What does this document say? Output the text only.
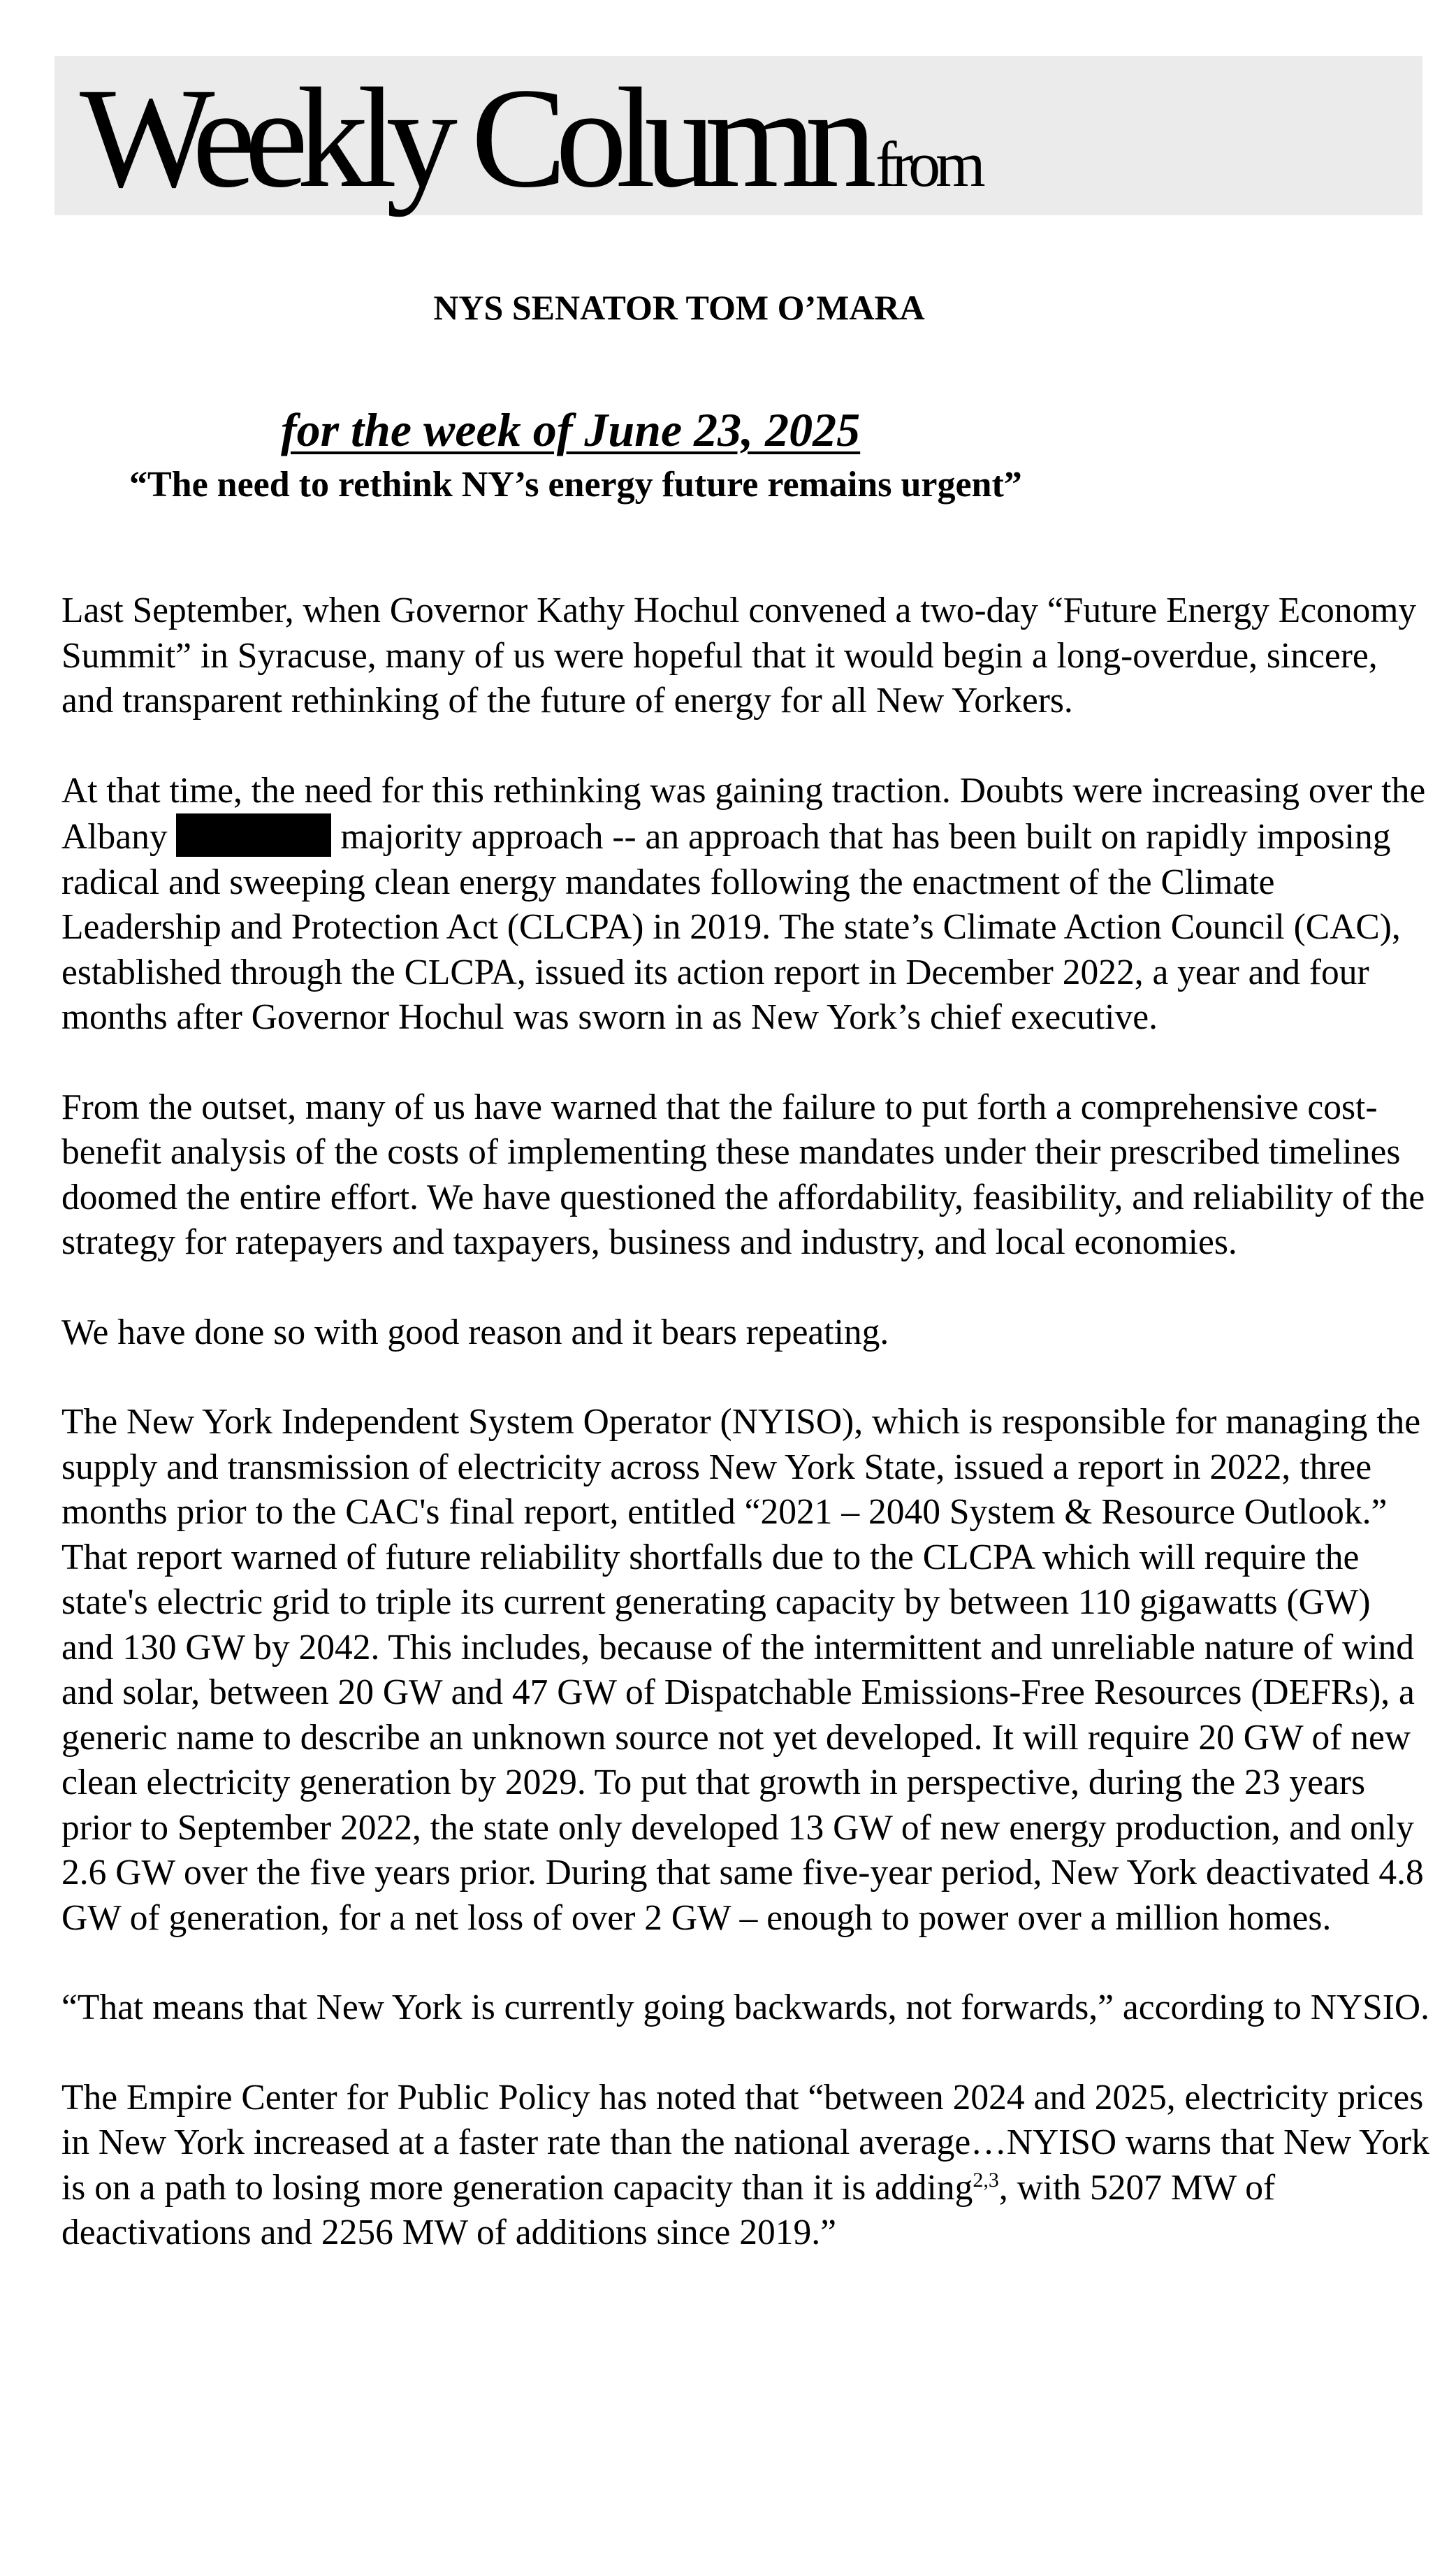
Weekly Column from
NYS SENATOR TOM O’MARA
for the week of June 23, 2025
“The need to rethink NY’s energy future remains urgent”

Last September, when Governor Kathy Hochul convened a two-day “Future Energy Economy Summit” in Syracuse, many of us were hopeful that it would begin a long-overdue, sincere, and transparent rethinking of the future of energy for all New Yorkers.

At that time, the need for this rethinking was gaining traction. Doubts were increasing over the Albany	majority approach -- an approach that has been built on rapidly imposing radical and sweeping clean energy mandates following the enactment of the Climate Leadership and Protection Act (CLCPA) in 2019. The state’s Climate Action Council (CAC), established through the CLCPA, issued its action report in December 2022, a year and four months after Governor Hochul was sworn in as New York’s chief executive.

From the outset, many of us have warned that the failure to put forth a comprehensive cost-benefit analysis of the costs of implementing these mandates under their prescribed timelines doomed the entire effort. We have questioned the affordability, feasibility, and reliability of the strategy for ratepayers and taxpayers, business and industry, and local economies.

We have done so with good reason and it bears repeating.

The New York Independent System Operator (NYISO), which is responsible for managing the supply and transmission of electricity across New York State, issued a report in 2022, three months prior to the CAC's final report, entitled “2021 – 2040 System & Resource Outlook.” That report warned of future reliability shortfalls due to the CLCPA which will require the state's electric grid to triple its current generating capacity by between 110 gigawatts (GW) and 130 GW by 2042. This includes, because of the intermittent and unreliable nature of wind and solar, between 20 GW and 47 GW of Dispatchable Emissions-Free Resources (DEFRs), a generic name to describe an unknown source not yet developed. It will require 20 GW of new clean electricity generation by 2029. To put that growth in perspective, during the 23 years prior to September 2022, the state only developed 13 GW of new energy production, and only 2.6 GW over the five years prior. During that same five-year period, New York deactivated 4.8 GW of generation, for a net loss of over 2 GW – enough to power over a million homes.

“That means that New York is currently going backwards, not forwards,” according to NYSIO.

The Empire Center for Public Policy has noted that “between 2024 and 2025, electricity prices in New York increased at a faster rate than the national average…NYISO warns that New York is on a path to losing more generation capacity than it is adding$^{2,3}$, with 5207 MW of deactivations and 2256 MW of additions since 2019.”
